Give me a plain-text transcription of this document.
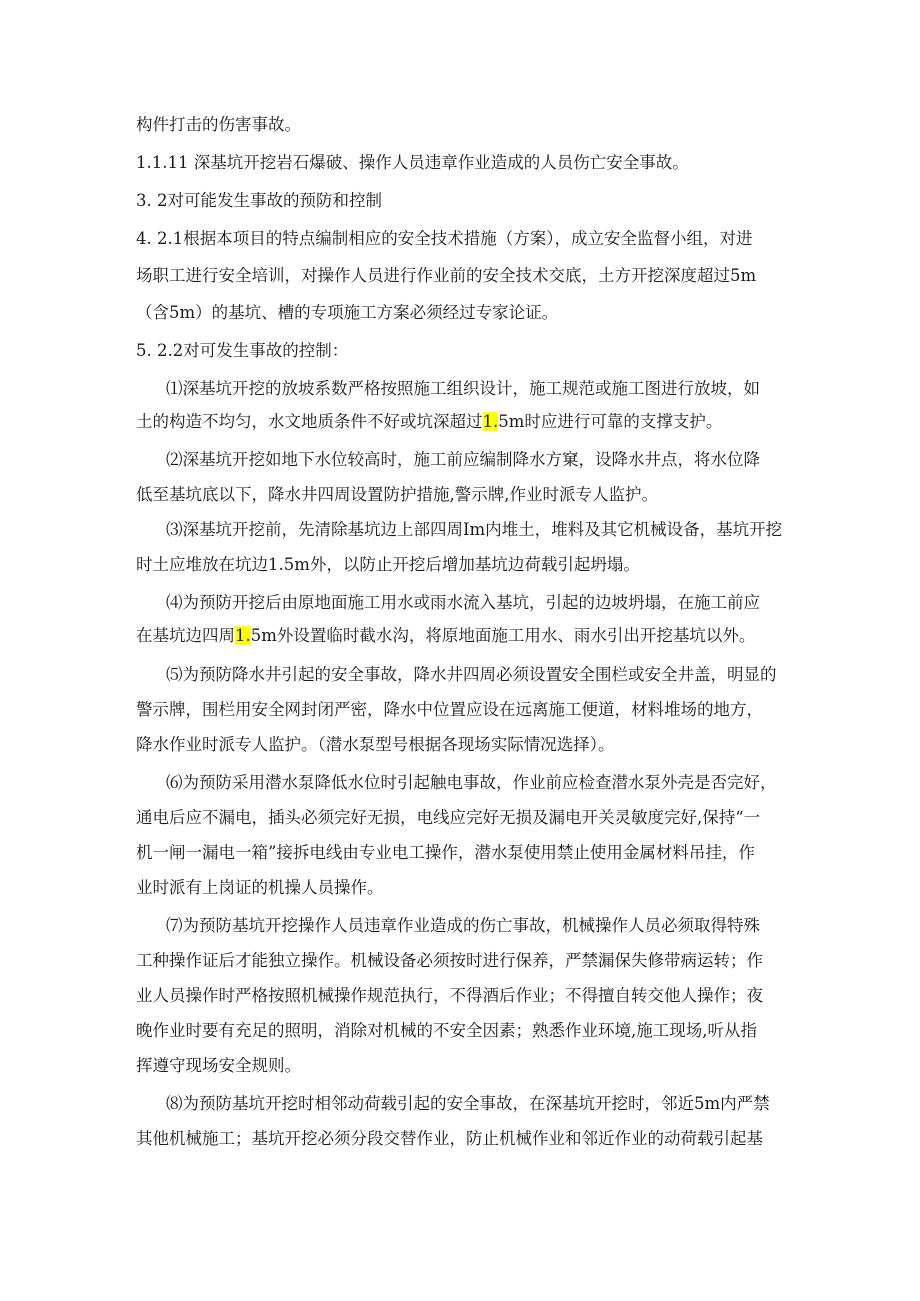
构件打击的伤害事故。
1.1.11 深基坑开挖岩石爆破、操作人员违章作业造成的人员伤亡安全事故。
3. 2对可能发生事故的预防和控制
4. 2.1根据本项目的特点编制相应的安全技术措施（方案），成立安全监督小组，对进
场职工进行安全培训，对操作人员进行作业前的安全技术交底，土方开挖深度超过5m
（含5m）的基坑、槽的专项施工方案必须经过专家论证。
5. 2.2对可发生事故的控制：
⑴深基坑开挖的放坡系数严格按照施工组织设计，施工规范或施工图进行放坡，如
土的构造不均匀，水文地质条件不好或坑深超过1.5m时应进行可靠的支撑支护。
⑵深基坑开挖如地下水位较高时，施工前应编制降水方窠，设降水井点，将水位降
低至基坑底以下，降水井四周设置防护措施,警示牌,作业时派专人监护。
⑶深基坑开挖前，先清除基坑边上部四周Im内堆土，堆料及其它机械设备，基坑开挖
时土应堆放在坑边1.5m外，以防止开挖后增加基坑边荷载引起坍塌。
⑷为预防开挖后由原地面施工用水或雨水流入基坑，引起的边坡坍塌，在施工前应
在基坑边四周1.5m外设置临时截水沟，将原地面施工用水、雨水引出开挖基坑以外。
⑸为预防降水井引起的安全事故，降水井四周必须设置安全围栏或安全井盖，明显的
警示牌，围栏用安全网封闭严密，降水中位置应设在远离施工便道，材料堆场的地方，
降水作业时派专人监护。（潜水泵型号根据各现场实际情况选择）。
⑹为预防采用潜水泵降低水位时引起触电事故，作业前应检查潜水泵外壳是否完好，
通电后应不漏电，插头必须完好无损，电线应完好无损及漏电开关灵敏度完好,保持“一
机一闸一漏电一箱”接拆电线由专业电工操作，潜水泵使用禁止使用金属材料吊挂，作
业时派有上岗证的机操人员操作。
⑺为预防基坑开挖操作人员违章作业造成的伤亡事故，机械操作人员必须取得特殊
工种操作证后才能独立操作。机械设备必须按时进行保养，严禁漏保失修带病运转；作
业人员操作时严格按照机械操作规范执行，不得酒后作业；不得擅自转交他人操作；夜
晚作业时要有充足的照明，消除对机械的不安全因素；熟悉作业环境,施工现场,听从指
挥遵守现场安全规则。
⑻为预防基坑开挖时相邻动荷载引起的安全事故，在深基坑开挖时，邻近5m内严禁
其他机械施工；基坑开挖必须分段交替作业，防止机械作业和邻近作业的动荷载引起基
